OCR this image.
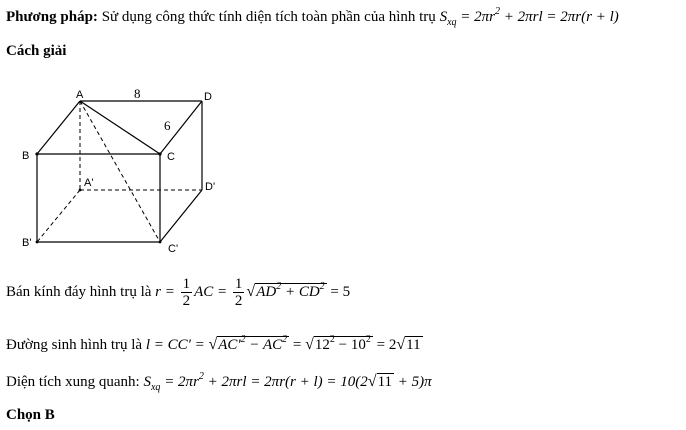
Phương pháp: Sử dụng công thức tính diện tích toàn phần của hình trụ $S_{xq} = 2\pi r^2 + 2\pi rl = 2\pi r(r + l)$
Cách giải
A	D
B	C
A'	D'
B'	C'
8
6
Bán kính đáy hình trụ là $r = \frac{1}{2}$ AC = $\frac{1}{2} √AD^2 + CD^2 = 5$
Đường sinh hình trụ là $l = CC' = √AC'^2 - AC^2 = √12^2 - 10^2 = 2√11$
Diện tích xung quanh: $S_{xq} = 2\pi r^2 + 2\pi rl = 2\pi r(r + l) = 10(2√11 + 5)\pi$
Chọn B
